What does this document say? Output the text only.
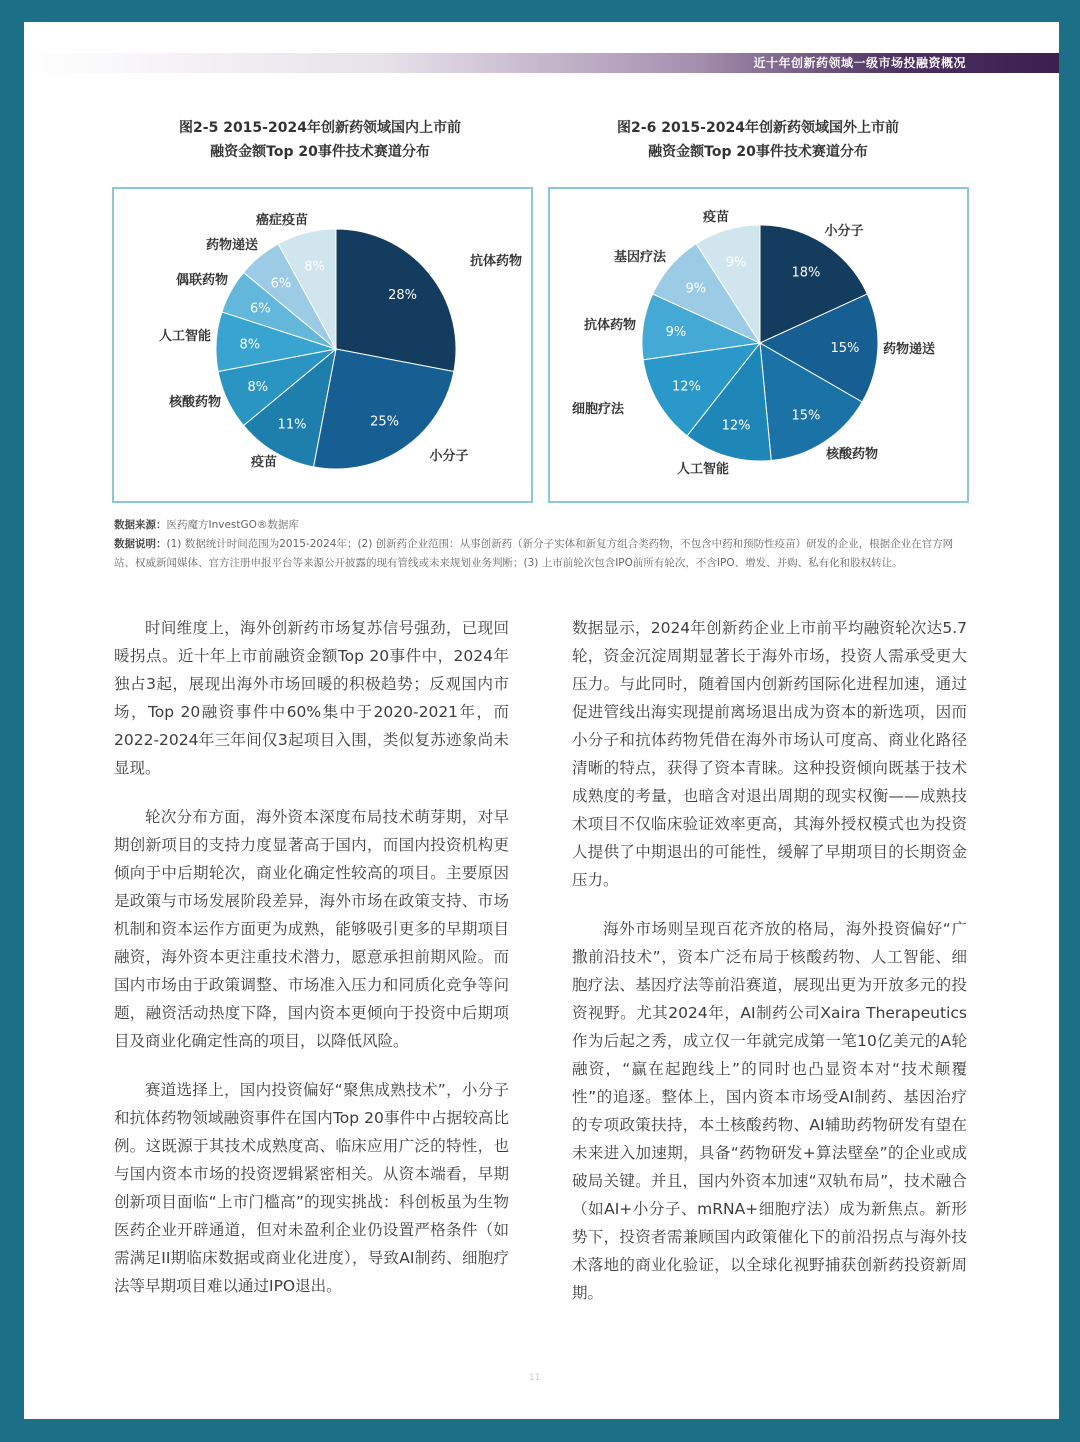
近十年创新药领域一级市场投融资概况
图2-5 2015-2024年创新药领域国内上市前
融资金额Top 20事件技术赛道分布
图2-6 2015-2024年创新药领域国外上市前
融资金额Top 20事件技术赛道分布
28%
抗体药物
25%
小分子
11%
疫苗
8%
核酸药物
8%
人工智能
6%
偶联药物	6%
药物递送
8%
癌症疫苗
18%
小分子
15% 药物递送
15%
核酸药物
12%
人工智能
12%
细胞疗法
9%
抗体药物
9%
基因疗法	9%
疫苗
数据来源：医药魔方InvestGO®数据库
数据说明：(1) 数据统计时间范围为2015-2024年；(2) 创新药企业范围：从事创新药（新分子实体和新复方组合类药物，不包含中药和预防性疫苗）研发的企业，根据企业在官方网站、权威新闻媒体、官方注册申报平台等来源公开披露的现有管线或未来规划业务判断；(3) 上市前轮次包含IPO前所有轮次，不含IPO、增发、并购、私有化和股权转让。

时间维度上，海外创新药市场复苏信号强劲，已现回暖拐点。近十年上市前融资金额Top 20事件中，2024年独占3起，展现出海外市场回暖的积极趋势；反观国内市场，Top 20融资事件中60%集中于2020-2021年，而2022-2024年三年间仅3起项目入围，类似复苏迹象尚未显现。

轮次分布方面，海外资本深度布局技术萌芽期，对早期创新项目的支持力度显著高于国内，而国内投资机构更倾向于中后期轮次，商业化确定性较高的项目。主要原因是政策与市场发展阶段差异，海外市场在政策支持、市场机制和资本运作方面更为成熟，能够吸引更多的早期项目融资，海外资本更注重技术潜力，愿意承担前期风险。而国内市场由于政策调整、市场准入压力和同质化竞争等问题，融资活动热度下降，国内资本更倾向于投资中后期项目及商业化确定性高的项目，以降低风险。

赛道选择上，国内投资偏好“聚焦成熟技术”，小分子和抗体药物领域融资事件在国内Top 20事件中占据较高比例。这既源于其技术成熟度高、临床应用广泛的特性，也与国内资本市场的投资逻辑紧密相关。从资本端看，早期创新项目面临“上市门槛高”的现实挑战：科创板虽为生物医药企业开辟通道，但对未盈利企业仍设置严格条件（如需满足II期临床数据或商业化进度），导致AI制药、细胞疗法等早期项目难以通过IPO退出。

数据显示，2024年创新药企业上市前平均融资轮次达5.7轮，资金沉淀周期显著长于海外市场，投资人需承受更大压力。与此同时，随着国内创新药国际化进程加速，通过促进管线出海实现提前离场退出成为资本的新选项，因而小分子和抗体药物凭借在海外市场认可度高、商业化路径清晰的特点，获得了资本青睐。这种投资倾向既基于技术成熟度的考量，也暗含对退出周期的现实权衡——成熟技术项目不仅临床验证效率更高，其海外授权模式也为投资人提供了中期退出的可能性，缓解了早期项目的长期资金压力。

海外市场则呈现百花齐放的格局，海外投资偏好“广撒前沿技术”，资本广泛布局于核酸药物、人工智能、细胞疗法、基因疗法等前沿赛道，展现出更为开放多元的投资视野。尤其2024年，AI制药公司Xaira Therapeutics作为后起之秀，成立仅一年就完成第一笔10亿美元的A轮融资，“赢在起跑线上”的同时也凸显资本对“技术颠覆性”的追逐。整体上，国内资本市场受AI制药、基因治疗的专项政策扶持，本土核酸药物、AI辅助药物研发有望在未来进入加速期，具备“药物研发+算法壁垒”的企业或成破局关键。并且，国内外资本加速“双轨布局”，技术融合（如AI+小分子、mRNA+细胞疗法）成为新焦点。新形势下，投资者需兼顾国内政策催化下的前沿拐点与海外技术落地的商业化验证，以全球化视野捕获创新药投资新周期。

11
